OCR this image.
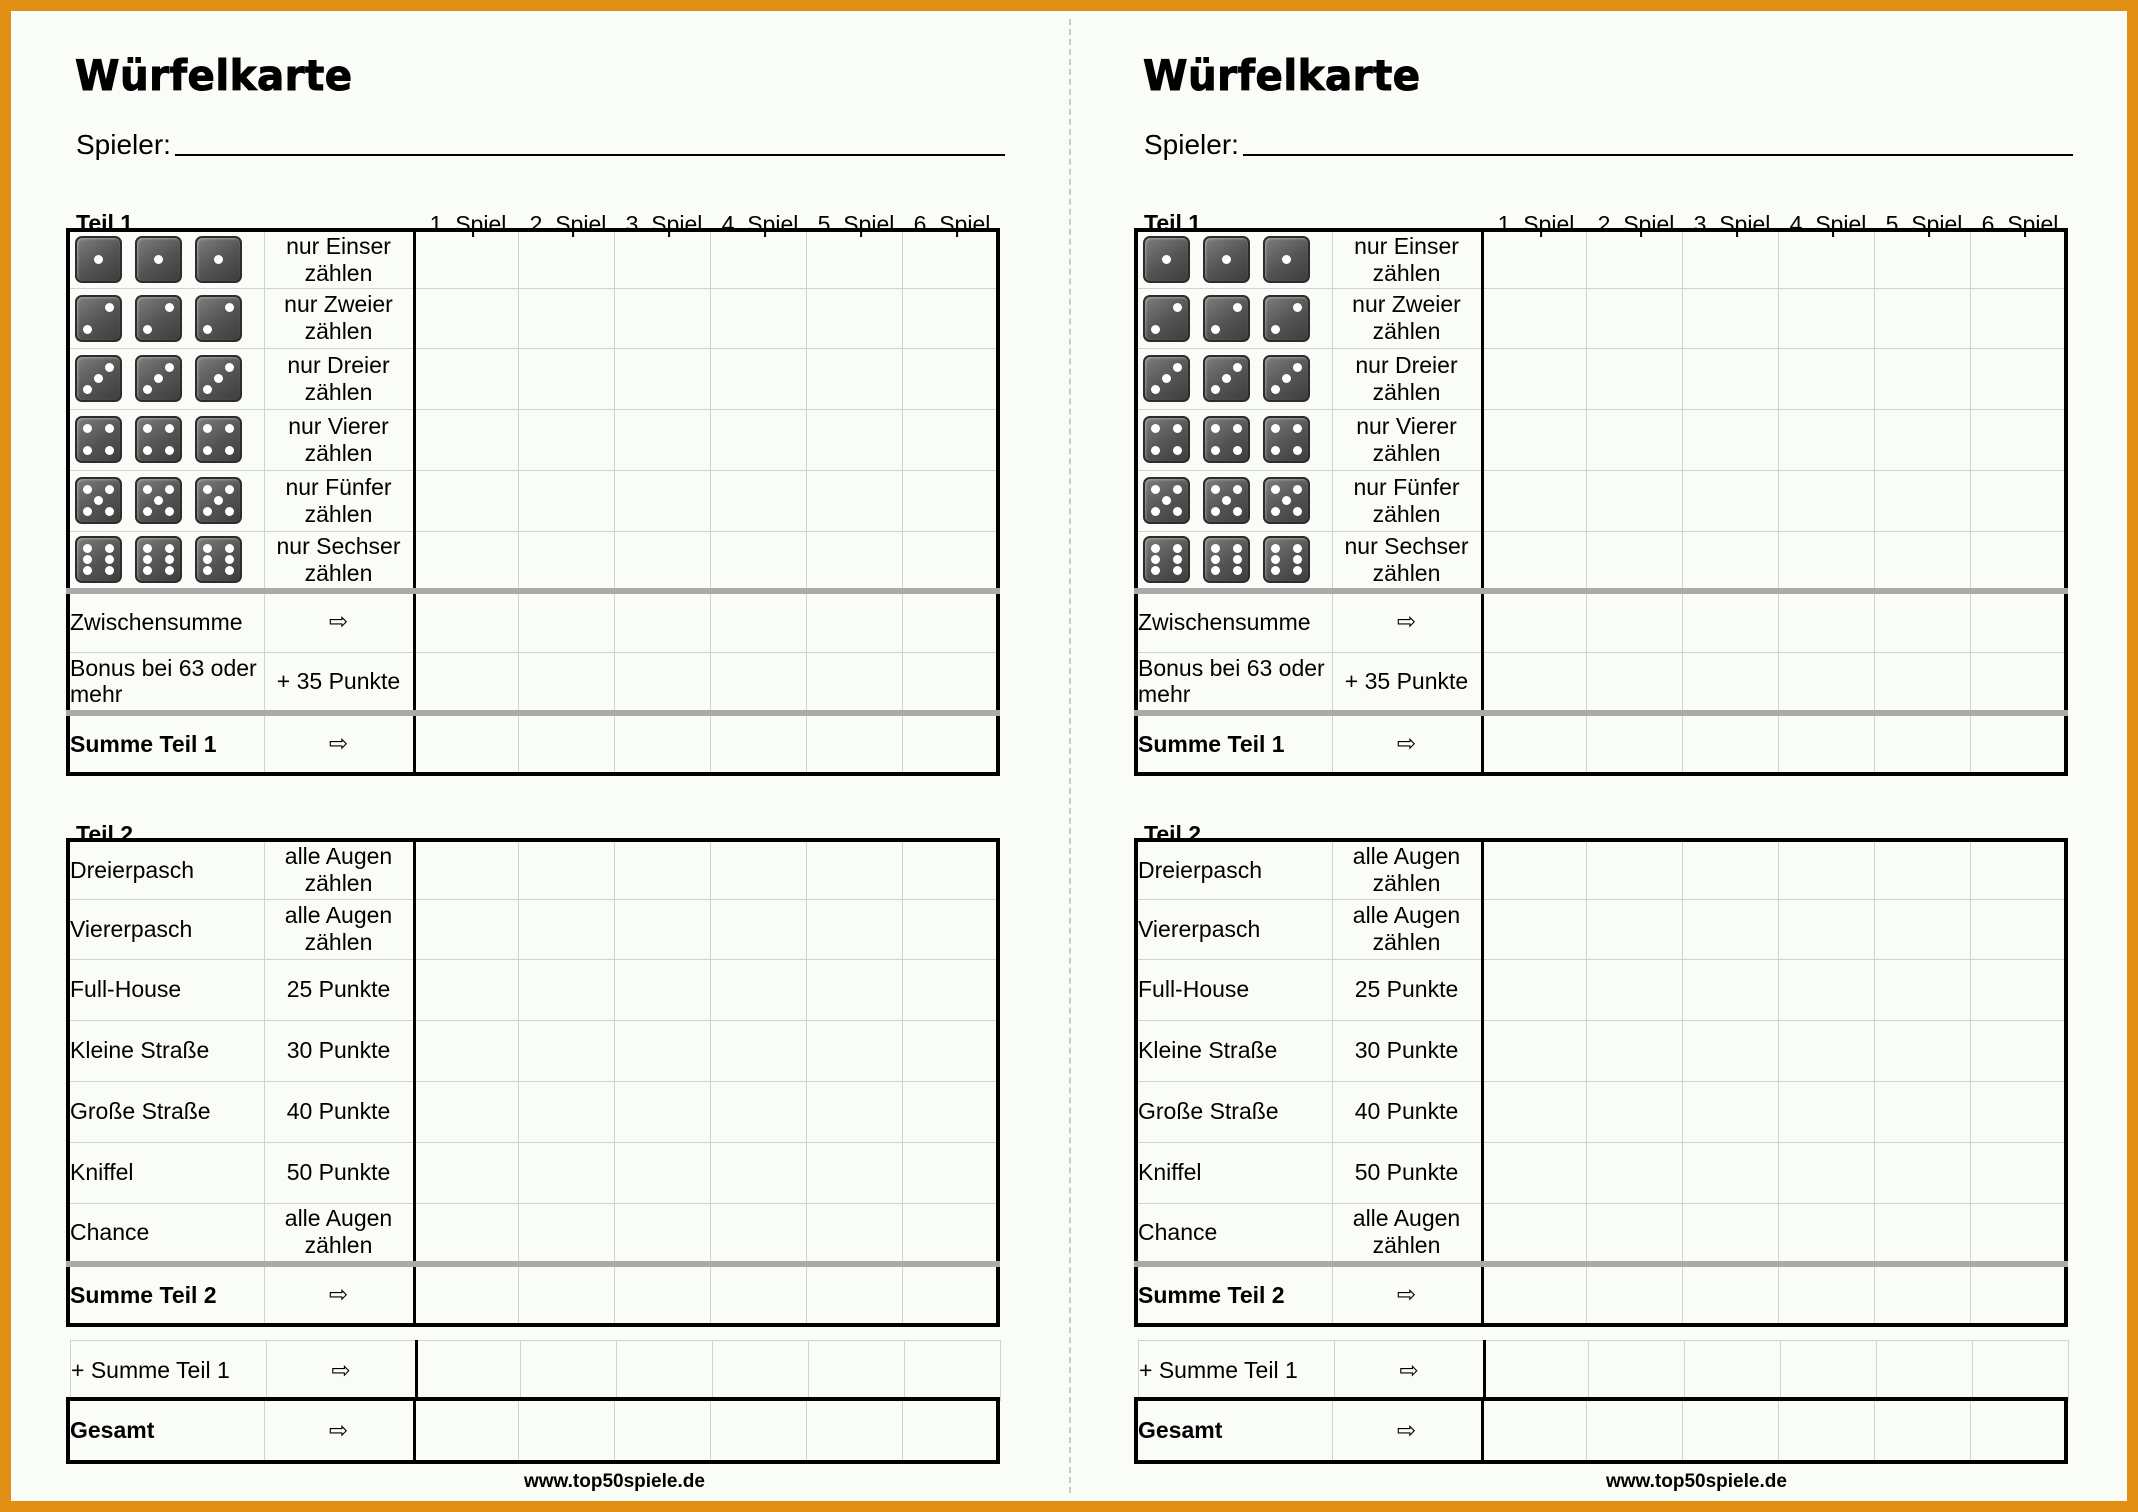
Würfelkarte
Spieler:
Teil 1	1. Spiel	2. Spiel 3. Spiel 4. Spiel 5. Spiel 6. Spiel
	nur Einser zählen						

	nur Zweier zählen						

	nur Dreier zählen						

	nur Vierer zählen						

	nur Fünfer zählen						

	nur Sechser zählen						
Zwischensumme	⇨						
Bonus bei 63 oder mehr	+ 35 Punkte						
Summe Teil 1	⇨						
Teil 2
Dreierpasch	alle Augen zählen						
Viererpasch	alle Augen zählen						
Full-House	25 Punkte						
Kleine Straße	30 Punkte						
Große Straße	40 Punkte						
Kniffel	50 Punkte						
Chance	alle Augen zählen						
Summe Teil 2	⇨						
+ Summe Teil 1	⇨						
Gesamt	⇨						
www.top50spiele.de
Würfelkarte
Spieler:
Teil 1	1. Spiel	2. Spiel 3. Spiel 4. Spiel 5. Spiel 6. Spiel
	nur Einser zählen						

	nur Zweier zählen						

	nur Dreier zählen						

	nur Vierer zählen						

	nur Fünfer zählen						

	nur Sechser zählen						
Zwischensumme	⇨						
Bonus bei 63 oder mehr	+ 35 Punkte						
Summe Teil 1	⇨						
Teil 2
Dreierpasch	alle Augen zählen						
Viererpasch	alle Augen zählen						
Full-House	25 Punkte						
Kleine Straße	30 Punkte						
Große Straße	40 Punkte						
Kniffel	50 Punkte						
Chance	alle Augen zählen						
Summe Teil 2	⇨						
+ Summe Teil 1	⇨						
Gesamt	⇨						
www.top50spiele.de
